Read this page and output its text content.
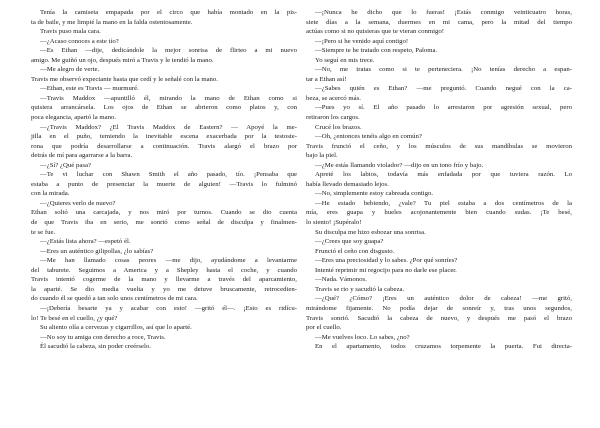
Tenía la camiseta empapada por el circo que había montado en la pis-
ta de baile, y me limpié la mano en la falda ostentosamente.
Travis puso mala cara.
—¿Acaso conoces a este tío?
—Es Ethan —dije, dedicándole la mejor sonrisa de flirteo a mi nuevo
amigo. Me guiñó un ojo, después miró a Travis y le tendió la mano.
—Me alegro de verte.
Travis me observó expectante hasta que cedí y le señalé con la mano.
—Ethan, este es Travis — murmuré.
—Travis Maddox —apuntilló él, mirando la mano de Ethan como si
quisiera arrancársela. Los ojos de Ethan se abrieron como platos y, con
poca elegancia, apartó la mano.
—¿Travis Maddox? ¿El Travis Maddox de Eastern? — Apoyé la me-
jilla en el puño, temiendo la inevitable escena exacerbada por la testoste-
rona que podría desarrollarse a continuación. Travis alargó el brazo por
detrás de mí para agarrarse a la barra.
—¿Sí? ¿Qué pasa?
—Te vi luchar con Shawn Smith el año pasado, tío. ¡Pensaba que
estaba a punto de presenciar la muerte de alguien! —Travis lo fulminó
con la mirada.
—¿Quieres verlo de nuevo?
Ethan soltó una carcajada, y nos miró por turnos. Cuando se dio cuenta
de que Travis iba en serio, me sonrió como señal de disculpa y finalmen-
te se fue.
—¿Estás lista ahora? —espetó él.
—Eres un auténtico gilipollas, ¿lo sabías?
—Me han llamado cosas peores —me dijo, ayudándome a levantarme
del taburete. Seguimos a America y a Shepley hasta el coche, y cuando
Travis intentó cogerme de la mano y llevarme a través del aparcamiento,
la aparté. Se dio media vuelta y yo me detuve bruscamente, retrocedien-
do cuando él se quedó a tan solo unos centímetros de mi cara.
—¡Debería besarte ya y acabar con esto! —gritó él—. ¡Esto es ridícu-
lo! Te besé en el cuello, ¿y qué?
Su aliento olía a cervezas y cigarrillos, así que lo aparté.
—No soy tu amiga con derecho a roce, Travis.
Él sacudió la cabeza, sin poder creérselo.
—¡Nunca he dicho que lo fueras! ¡Estás conmigo veinticuatro horas,
siete días a la semana, duermes en mi cama, pero la mitad del tiempo
actúas como si no quisieras que te vieran conmigo!
—¡Pero si he venido aquí contigo!
—Siempre te he tratado con respeto, Paloma.
Yo seguí en mis trece.
—No, me tratas como si te perteneciera. ¡No tenías derecho a espan-
tar a Ethan así!
—¿Sabes quién es Ethan? —me preguntó. Cuando negué con la ca-
beza, se acercó más.
—Pues yo sí. El año pasado lo arrestaron por agresión sexual, pero
retiraron los cargos.
Crucé los brazos.
—Oh, ¿entonces tenéis algo en común?
Travis frunció el ceño, y los músculos de sus mandíbulas se movieron
bajo la piel.
—¿Me estás llamando violador? —dijo en un tono frío y bajo.
Apreté los labios, todavía más enfadada por que tuviera razón. Lo
había llevado demasiado lejos.
—No, simplemente estoy cabreada contigo.
—He estado bebiendo, ¿vale? Tu piel estaba a dos centímetros de la
mía, eres guapa y hueles acojonantemente bien cuando sudas. ¡Te besé,
lo siento! ¡Supéralo!
Su disculpa me hizo esbozar una sonrisa.
—¿Crees que soy guapa?
Frunció el ceño con disgusto.
—Eres una preciosidad y lo sabes. ¿Por qué sonríes?
Intenté reprimir mi regocijo para no darle ese placer.
—Nada. Vámonos.
Travis se rio y sacudió la cabeza.
—¿Qué? ¿Cómo? ¡Eres un auténtico dolor de cabeza! —me gritó,
mirándome fijamente. No podía dejar de sonreír y, tras unos segundos,
Travis sonrió. Sacudió la cabeza de nuevo, y después me pasó el brazo
por el cuello.
—Me vuelves loco. Lo sabes, ¿no?
En el apartamento, todos cruzamos torpemente la puerta. Fui directa-
